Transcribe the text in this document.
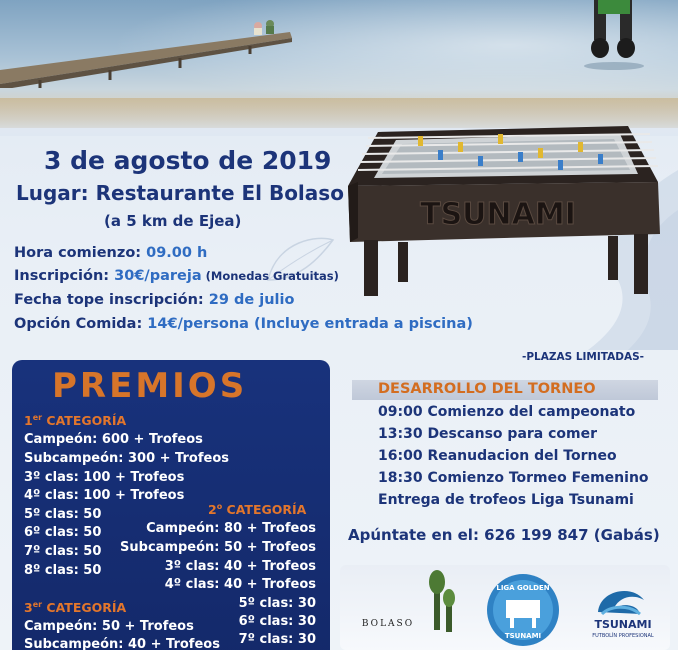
TSUNAMI
3 de agosto de 2019
Lugar: Restaurante El Bolaso
(a 5 km de Ejea)
Hora comienzo: 09.00 h
Inscripción: 30€/pareja (Monedas Gratuitas)
Fecha tope inscripción: 29 de julio
Opción Comida: 14€/persona (Incluye entrada a piscina)
-PLAZAS LIMITADAS-
PREMIOS
1er CATEGORÍA
Campeón: 600 + Trofeos
Subcampeón: 300 + Trofeos
3º clas: 100 + Trofeos
4º clas: 100 + Trofeos
5º clas: 50
6º clas: 50
7º clas: 50
8º clas: 50
2$^o$ CATEGORÍA
Campeón: 80 + Trofeos
Subcampeón: 50 + Trofeos
3º clas: 40 + Trofeos
4º clas: 40 + Trofeos
5º clas: 30
6º clas: 30
7º clas: 30
3er CATEGORÍA
Campeón: 50 + Trofeos
Subcampeón: 40 + Trofeos
DESARROLLO DEL TORNEO
09:00 Comienzo del campeonato
13:30 Descanso para comer
16:00 Reanudacion del Torneo
18:30 Comienzo Tormeo Femenino
Entrega de trofeos Liga Tsunami
Apúntate en el: 626 199 847 (Gabás)
BOLASO
LIGA GOLDEN
TSUNAMI
TSUNAMI
FUTBOLÍN PROFESIONAL
